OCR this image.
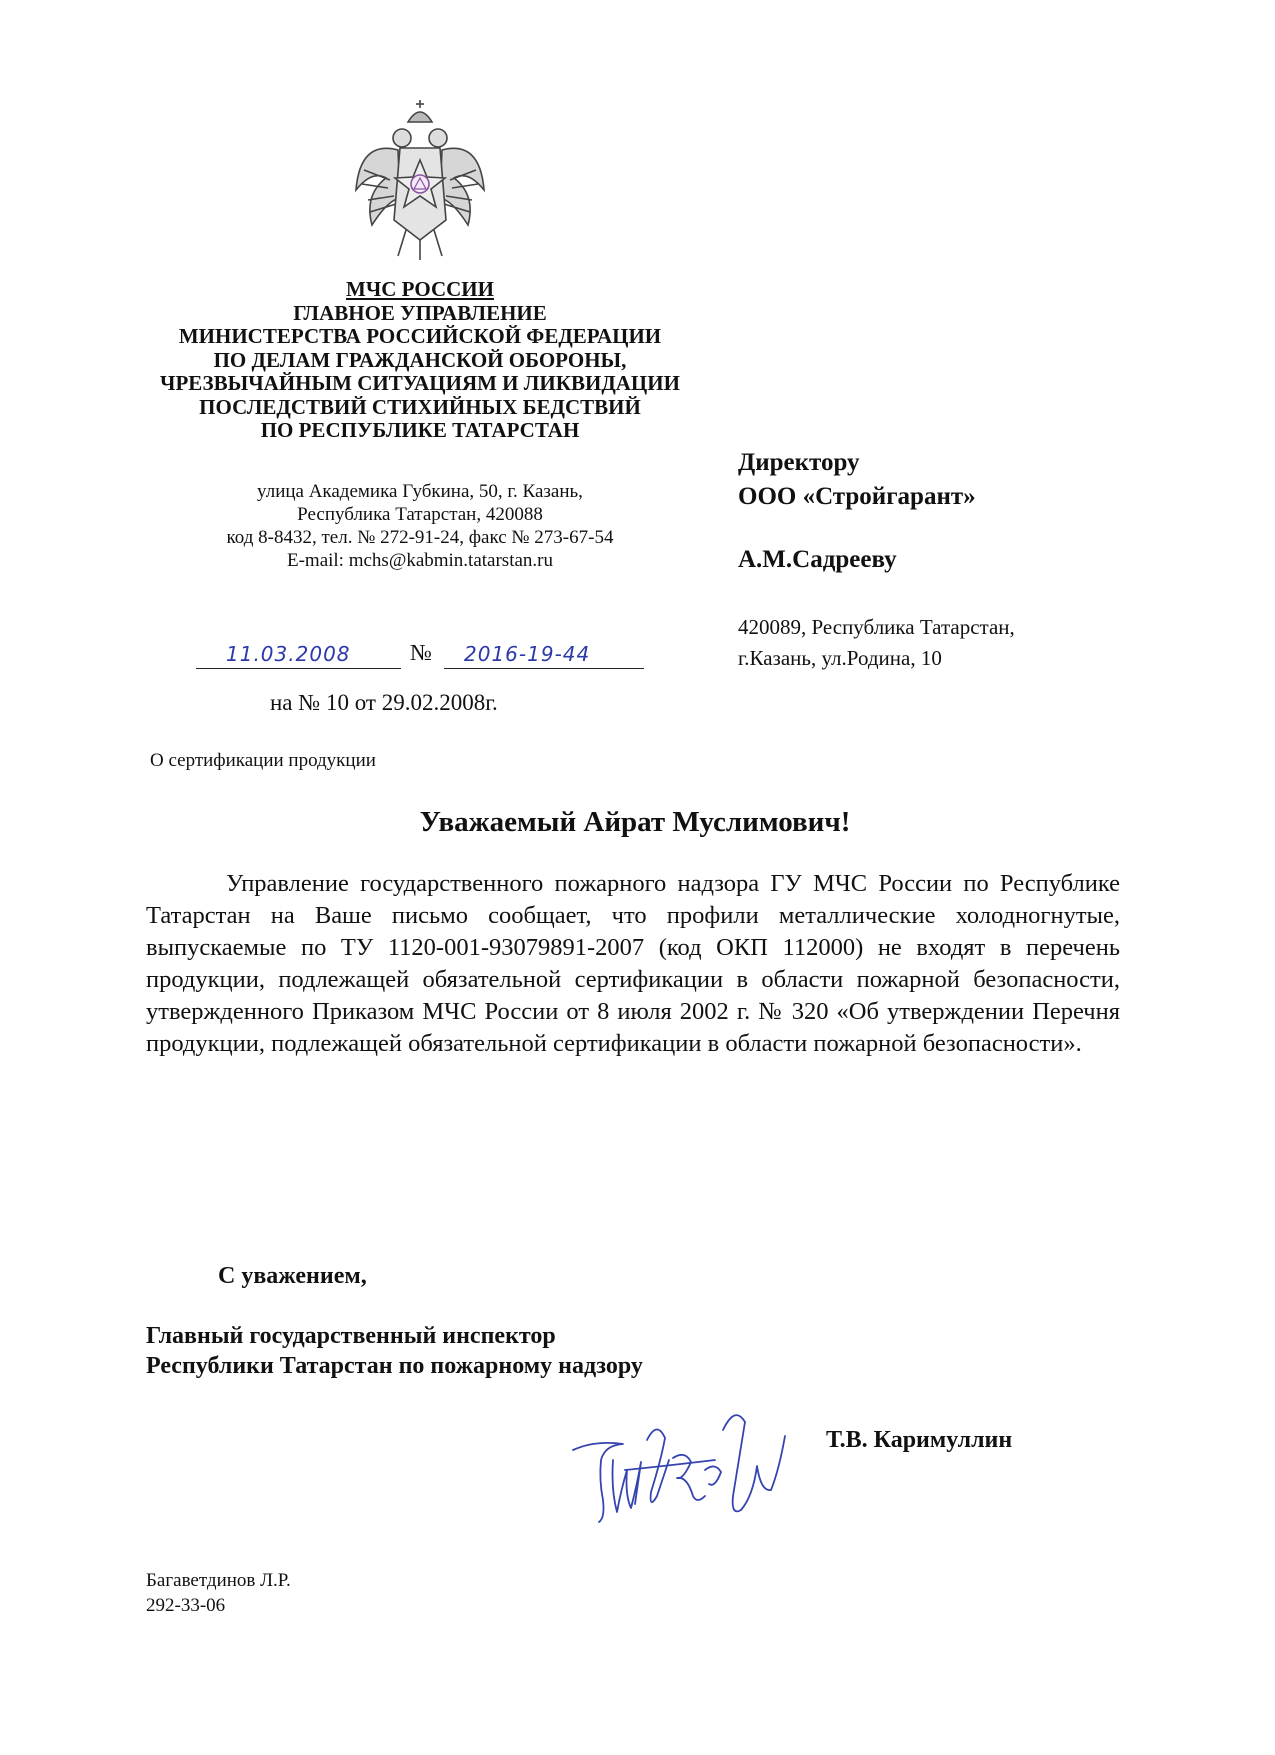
МЧС РОССИИ
ГЛАВНОЕ УПРАВЛЕНИЕ
МИНИСТЕРСТВА РОССИЙСКОЙ ФЕДЕРАЦИИ
ПО ДЕЛАМ ГРАЖДАНСКОЙ ОБОРОНЫ,
ЧРЕЗВЫЧАЙНЫМ СИТУАЦИЯМ И ЛИКВИДАЦИИ
ПОСЛЕДСТВИЙ СТИХИЙНЫХ БЕДСТВИЙ
ПО РЕСПУБЛИКЕ ТАТАРСТАН
улица Академика Губкина, 50, г. Казань,
Республика Татарстан, 420088
код 8-8432, тел. № 272-91-24, факс № 273-67-54
E-mail: mchs@kabmin.tatarstan.ru
11.03.2008	№ 2016-19-44
на № 10 от 29.02.2008г.
Директору
ООО «Стройгарант»
А.М.Садрееву
420089, Республика Татарстан,
г.Казань, ул.Родина, 10
О сертификации продукции
Уважаемый Айрат Муслимович!
Управление государственного пожарного надзора ГУ МЧС России по Республике Татарстан на Ваше письмо сообщает, что профили металлические холодногнутые, выпускаемые по ТУ 1120-001-93079891-2007 (код ОКП 112000) не входят в перечень продукции, подлежащей обязательной сертификации в области пожарной безопасности, утвержденного Приказом МЧС России от 8 июля 2002 г. № 320 «Об утверждении Перечня продукции, подлежащей обязательной сертификации в области пожарной безопасности».
С уважением,
Главный государственный инспектор
Республики Татарстан по пожарному надзору
Т.В. Каримуллин
Багаветдинов Л.Р.
292-33-06
